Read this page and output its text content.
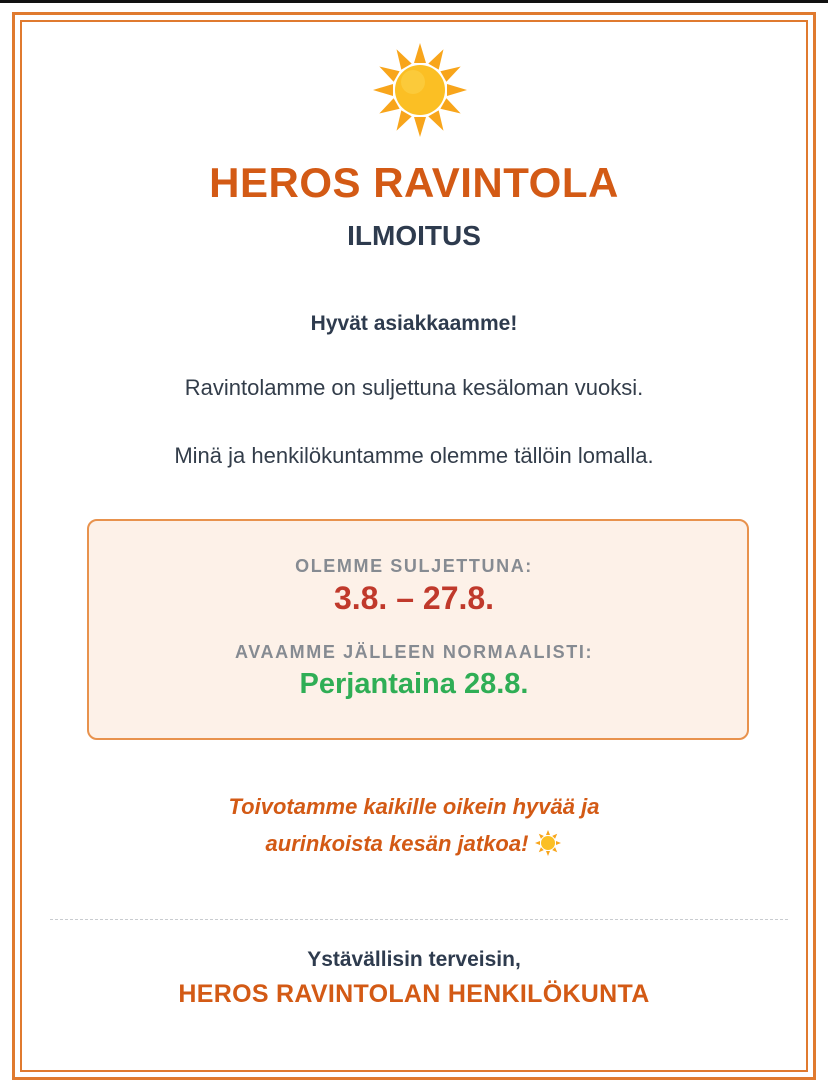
HEROS RAVINTOLA
ILMOITUS
Hyvät asiakkaamme!
Ravintolamme on suljettuna kesäloman vuoksi.
Minä ja henkilökuntamme olemme tällöin lomalla.
OLEMME SULJETTUNA:
3.8. – 27.8.
AVAAMME JÄLLEEN NORMAALISTI:
Perjantaina 28.8.
Toivotamme kaikille oikein hyvää ja
aurinkoista kesän jatkoa!
Ystävällisin terveisin,
HEROS RAVINTOLAN HENKILÖKUNTA
